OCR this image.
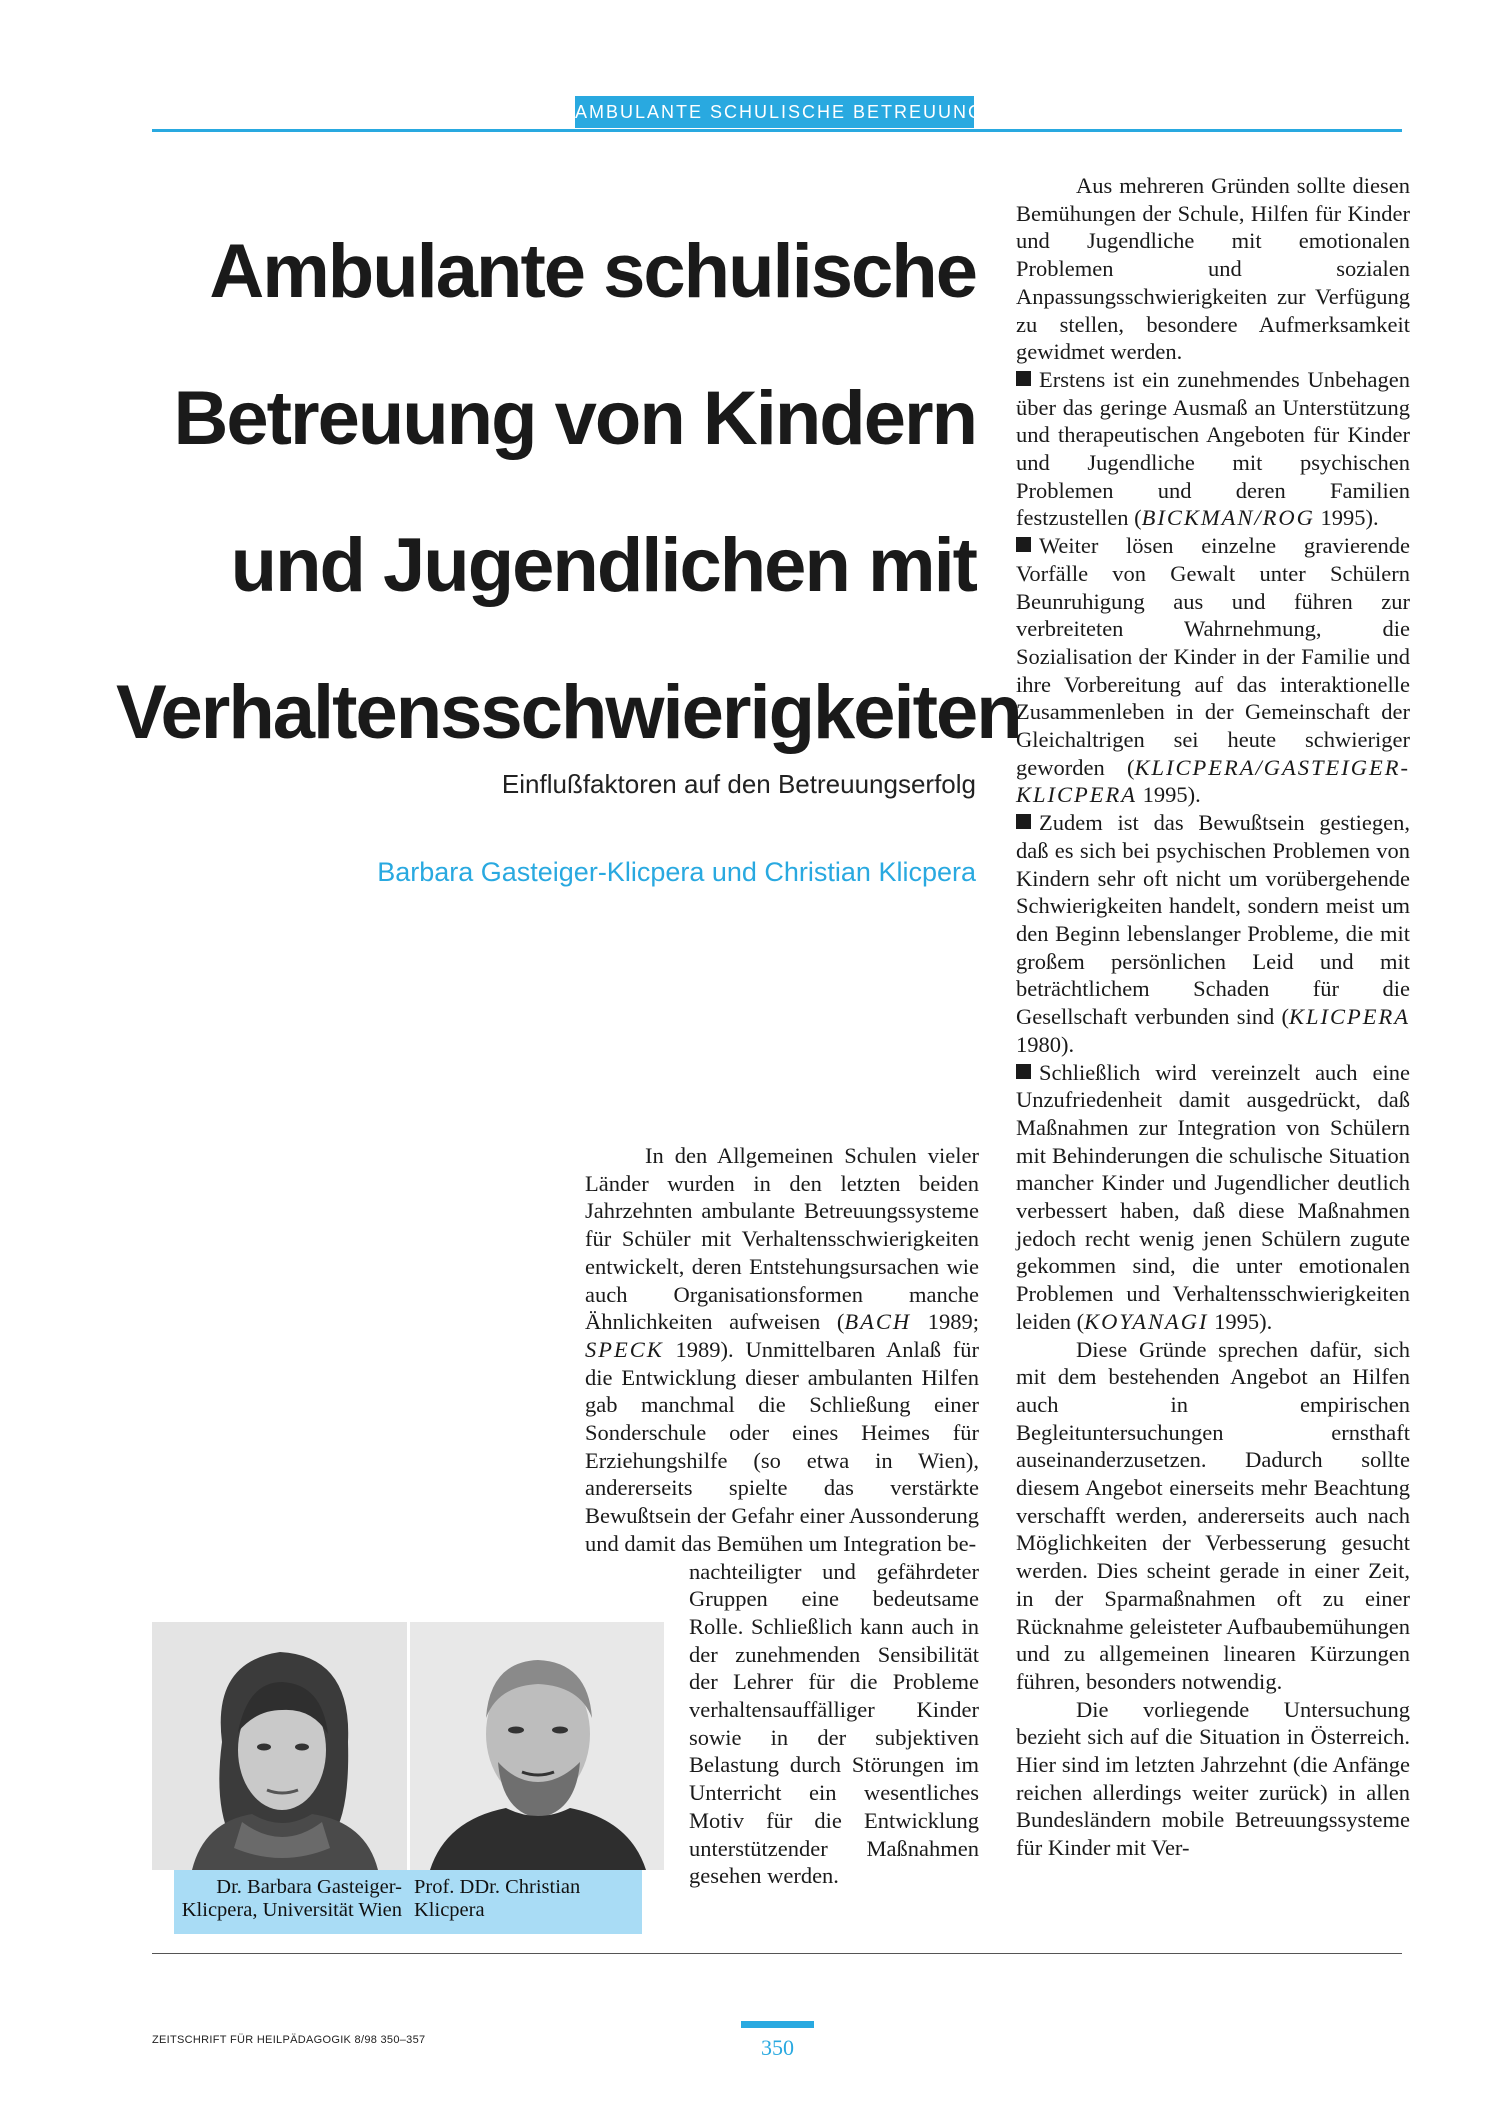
AMBULANTE SCHULISCHE BETREUUNG
Ambulante schulische
Betreuung von Kindern
und Jugendlichen mit
Verhaltensschwierigkeiten
Einflußfaktoren auf den Betreuungserfolg
Barbara Gasteiger-Klicpera und Christian Klicpera

Aus mehreren Gründen sollte diesen Bemühungen der Schule, Hilfen für Kinder und Jugendliche mit emotionalen Problemen und sozialen Anpassungsschwierigkeiten zur Verfügung zu stellen, besondere Aufmerksamkeit gewidmet werden.

Erstens ist ein zunehmendes Unbehagen über das geringe Ausmaß an Unterstützung und therapeutischen Angeboten für Kinder und Jugendliche mit psychischen Problemen und deren Familien festzustellen (BICKMAN/ROG 1995).

Weiter lösen einzelne gravierende Vorfälle von Gewalt unter Schülern Beunruhigung aus und führen zur verbreiteten Wahrnehmung, die Sozialisation der Kinder in der Familie und ihre Vorbereitung auf das interaktionelle Zusammenleben in der Gemeinschaft der Gleichaltrigen sei heute schwieriger geworden (KLICPERA/GASTEIGER-KLICPERA 1995).

Zudem ist das Bewußtsein gestiegen, daß es sich bei psychischen Problemen von Kindern sehr oft nicht um vorübergehende Schwierigkeiten handelt, sondern meist um den Beginn lebenslanger Probleme, die mit großem persönlichen Leid und mit beträchtlichem Schaden für die Gesellschaft verbunden sind (KLICPERA 1980).

Schließlich wird vereinzelt auch eine Unzufriedenheit damit ausgedrückt, daß Maßnahmen zur Integration von Schülern mit Behinderungen die schulische Situation mancher Kinder und Jugendlicher deutlich verbessert haben, daß diese Maßnahmen jedoch recht wenig jenen Schülern zugute gekommen sind, die unter emotionalen Problemen und Verhaltensschwierigkeiten leiden (KOYANAGI 1995).

Diese Gründe sprechen dafür, sich mit dem bestehenden Angebot an Hilfen auch in empirischen Begleituntersuchungen ernsthaft auseinanderzusetzen. Dadurch sollte diesem Angebot einerseits mehr Beachtung verschafft werden, andererseits auch nach Möglichkeiten der Verbesserung gesucht werden. Dies scheint gerade in einer Zeit, in der Sparmaßnahmen oft zu einer Rücknahme geleisteter Aufbaubemühungen und zu allgemeinen linearen Kürzungen führen, besonders notwendig.

Die vorliegende Untersuchung bezieht sich auf die Situation in Österreich. Hier sind im letzten Jahrzehnt (die Anfänge reichen allerdings weiter zurück) in allen Bundesländern mobile Betreuungssysteme für Kinder mit Ver-

In den Allgemeinen Schulen vieler Länder wurden in den letzten beiden Jahrzehnten ambulante Betreuungssysteme für Schüler mit Verhaltensschwierigkeiten entwickelt, deren Entstehungsursachen wie auch Organisationsformen manche Ähnlichkeiten aufweisen (BACH 1989; SPECK 1989). Unmittelbaren Anlaß für die Entwicklung dieser ambulanten Hilfen gab manchmal die Schließung einer Sonderschule oder eines Heimes für Erziehungshilfe (so etwa in Wien), andererseits spielte das verstärkte Bewußtsein der Gefahr einer Aussonderung und damit das Bemühen um Integration be-

nachteiligter und gefährdeter Gruppen eine bedeutsame Rolle. Schließlich kann auch in der zunehmenden Sensibilität der Lehrer für die Probleme verhaltensauffälliger Kinder sowie in der subjektiven Belastung durch Störungen im Unterricht ein wesentliches Motiv für die Entwicklung unterstützender Maßnahmen gesehen werden.

Dr. Barbara Gasteiger-Klicpera, Universität Wien
Prof. DDr. Christian Klicpera
ZEITSCHRIFT FÜR HEILPÄDAGOGIK 8/98 350–357	350
